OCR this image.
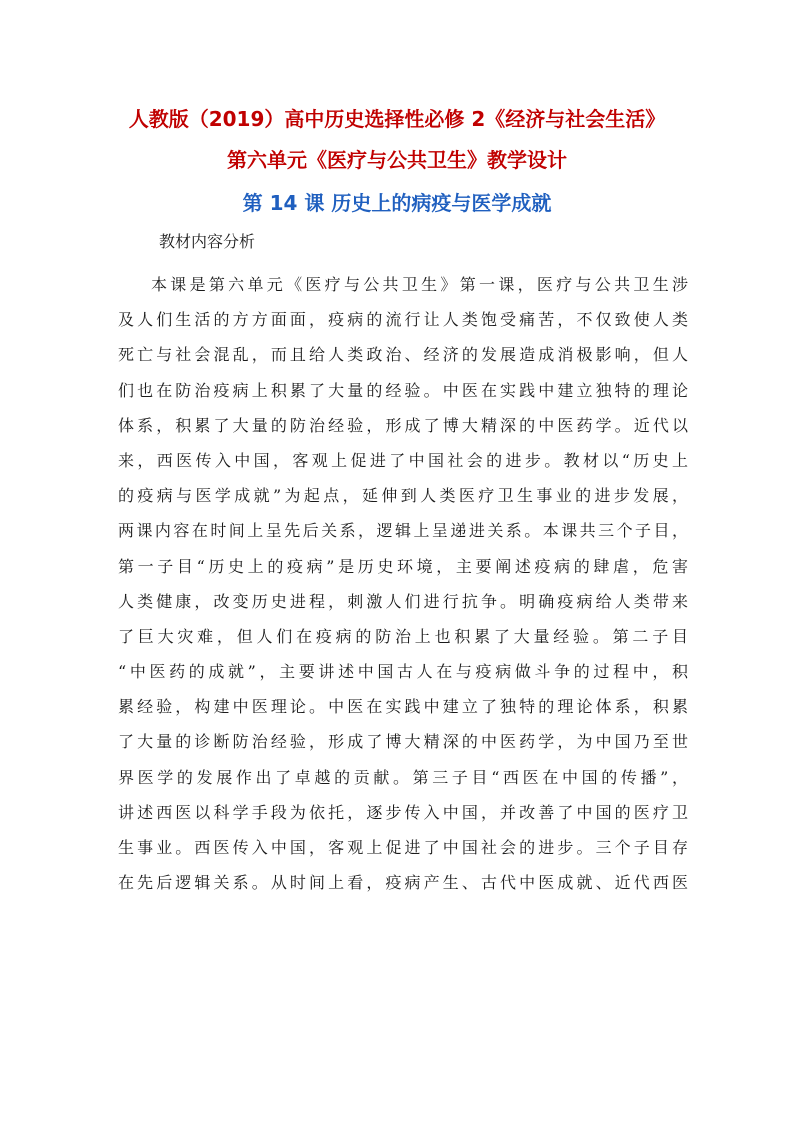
人教版（2019）高中历史选择性必修 2《经济与社会生活》
第六单元《医疗与公共卫生》教学设计
第 14 课 历史上的病疫与医学成就
教材内容分析
本课是第六单元《医疗与公共卫生》第一课，医疗与公共卫生涉
及人们生活的方方面面，疫病的流行让人类饱受痛苦，不仅致使人类
死亡与社会混乱，而且给人类政治、经济的发展造成消极影响，但人
们也在防治疫病上积累了大量的经验。中医在实践中建立独特的理论
体系，积累了大量的防治经验，形成了博大精深的中医药学。近代以
来，西医传入中国，客观上促进了中国社会的进步。教材以“历史上
的疫病与医学成就”为起点，延伸到人类医疗卫生事业的进步发展，
两课内容在时间上呈先后关系，逻辑上呈递进关系。本课共三个子目，
第一子目“历史上的疫病”是历史环境，主要阐述疫病的肆虐，危害
人类健康，改变历史进程，刺激人们进行抗争。明确疫病给人类带来
了巨大灾难，但人们在疫病的防治上也积累了大量经验。第二子目
“中医药的成就”，主要讲述中国古人在与疫病做斗争的过程中，积
累经验，构建中医理论。中医在实践中建立了独特的理论体系，积累
了大量的诊断防治经验，形成了博大精深的中医药学，为中国乃至世
界医学的发展作出了卓越的贡献。第三子目“西医在中国的传播”，
讲述西医以科学手段为依托，逐步传入中国，并改善了中国的医疗卫
生事业。西医传入中国，客观上促进了中国社会的进步。三个子目存
在先后逻辑关系。从时间上看，疫病产生、古代中医成就、近代西医
